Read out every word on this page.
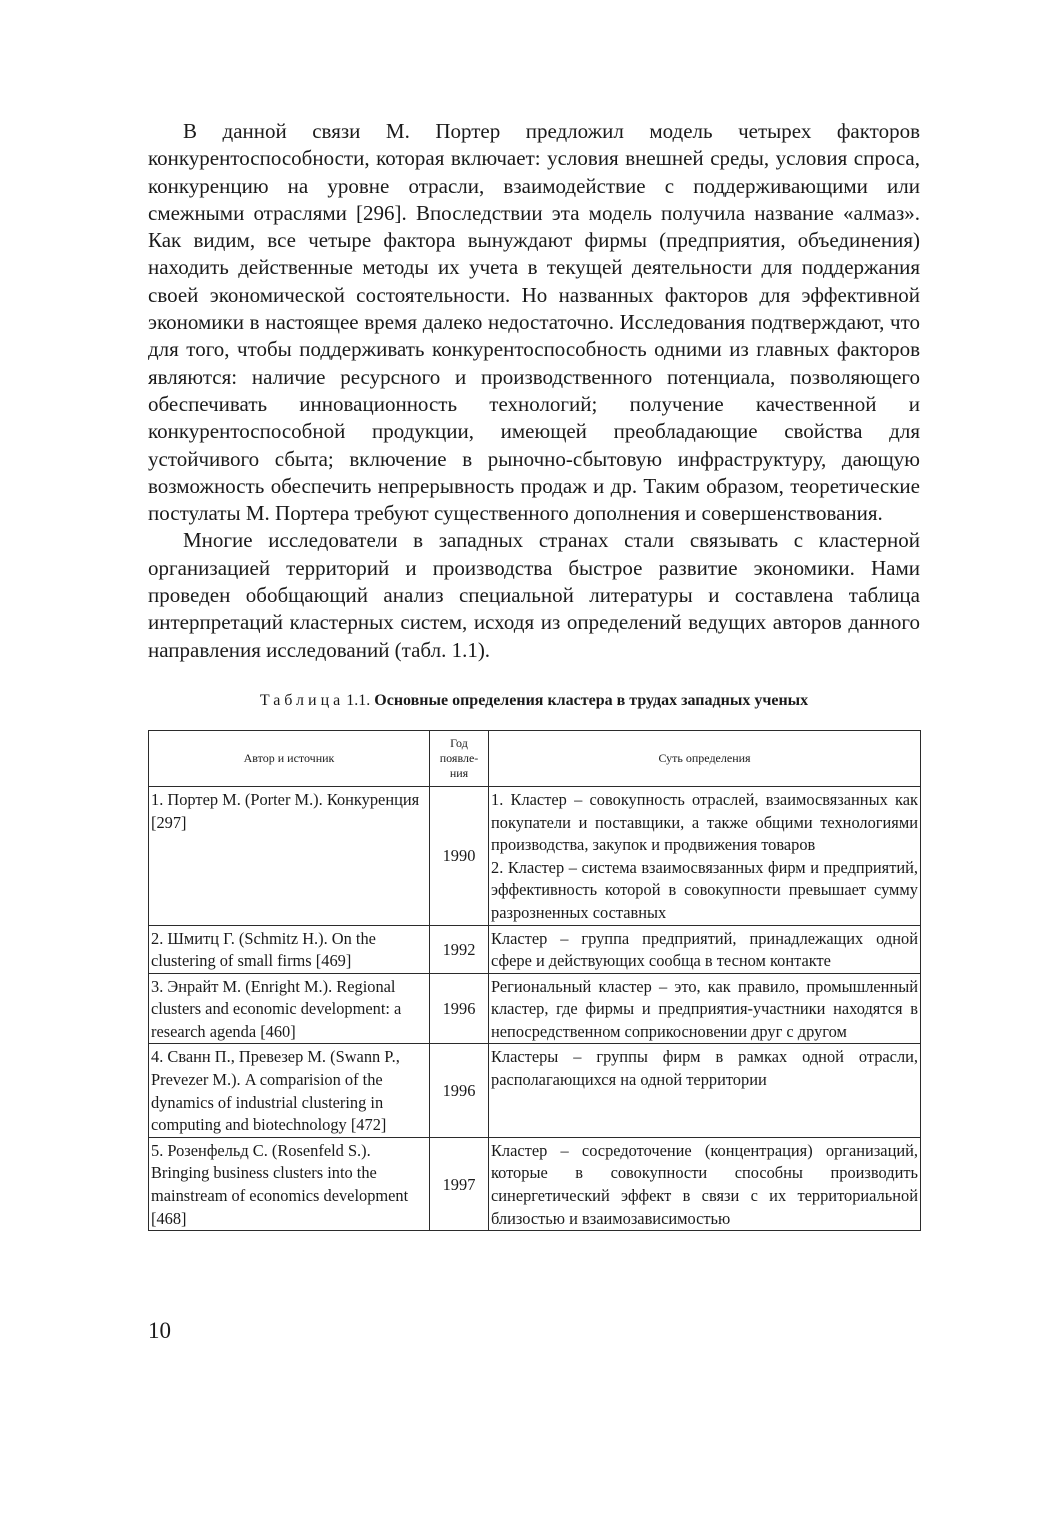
В данной связи М. Портер предложил модель четырех факторов конкурентоспособности, которая включает: условия внешней среды, условия спроса, конкуренцию на уровне отрасли, взаимодействие с поддерживающими или смежными отраслями [296]. Впоследствии эта модель получила название «алмаз». Как видим, все четыре фактора вынуждают фирмы (предприятия, объединения) находить действенные методы их учета в текущей деятельности для поддержания своей экономической состоятельности. Но названных факторов для эффективной экономики в настоящее время далеко недостаточно. Исследования подтверждают, что для того, чтобы поддерживать конкурентоспособность одними из главных факторов являются: наличие ресурсного и производственного потенциала, позволяющего обеспечивать инновационность технологий; получение качественной и конкурентоспособной продукции, имеющей преобладающие свойства для устойчивого сбыта; включение в рыночно-сбытовую инфраструктуру, дающую возможность обеспечить непрерывность продаж и др. Таким образом, теоретические постулаты М. Портера требуют существенного дополнения и совершенствования.

Многие исследователи в западных странах стали связывать с кластерной организацией территорий и производства быстрое развитие экономики. Нами проведен обобщающий анализ специальной литературы и составлена таблица интерпретаций кластерных систем, исходя из определений ведущих авторов данного направления исследований (табл. 1.1).

Таблица 1.1. Основные определения кластера в трудах западных ученых
Автор и источник	Год появле-ния	Суть определения
1. Портер М. (Porter M.). Конкуренция [297]	1990	1. Кластер – совокупность отраслей, взаимосвязанных как покупатели и поставщики, а также общими технологиями производства, закупок и продвижения товаров
2. Кластер – система взаимосвязанных фирм и предприятий, эффективность которой в совокупности превышает сумму разрозненных составных

2. Шмитц Г. (Schmitz H.). On the clustering of small firms [469]	1992	Кластер – группа предприятий, принадлежащих одной сфере и действующих сообща в тесном контакте
3. Энрайт М. (Enright M.). Regional clusters and economic development: a research agenda [460]	1996	Региональный кластер – это, как правило, промышленный кластер, где фирмы и предприятия-участники находятся в непосредственном соприкосновении друг с другом
4. Сванн П., Превезер М. (Swann P., Prevezer M.). A comparision of the dynamics of industrial clustering in computing and biotechnology [472]	1996	Кластеры – группы фирм в рамках одной отрасли, располагающихся на одной территории
5. Розенфельд С. (Rosenfeld S.). Bringing business clusters into the mainstream of economics development [468]	1997	Кластер – сосредоточение (концентрация) организаций, которые в совокупности способны производить синергетический эффект в связи с их территориальной близостью и взаимозависимостью
10
